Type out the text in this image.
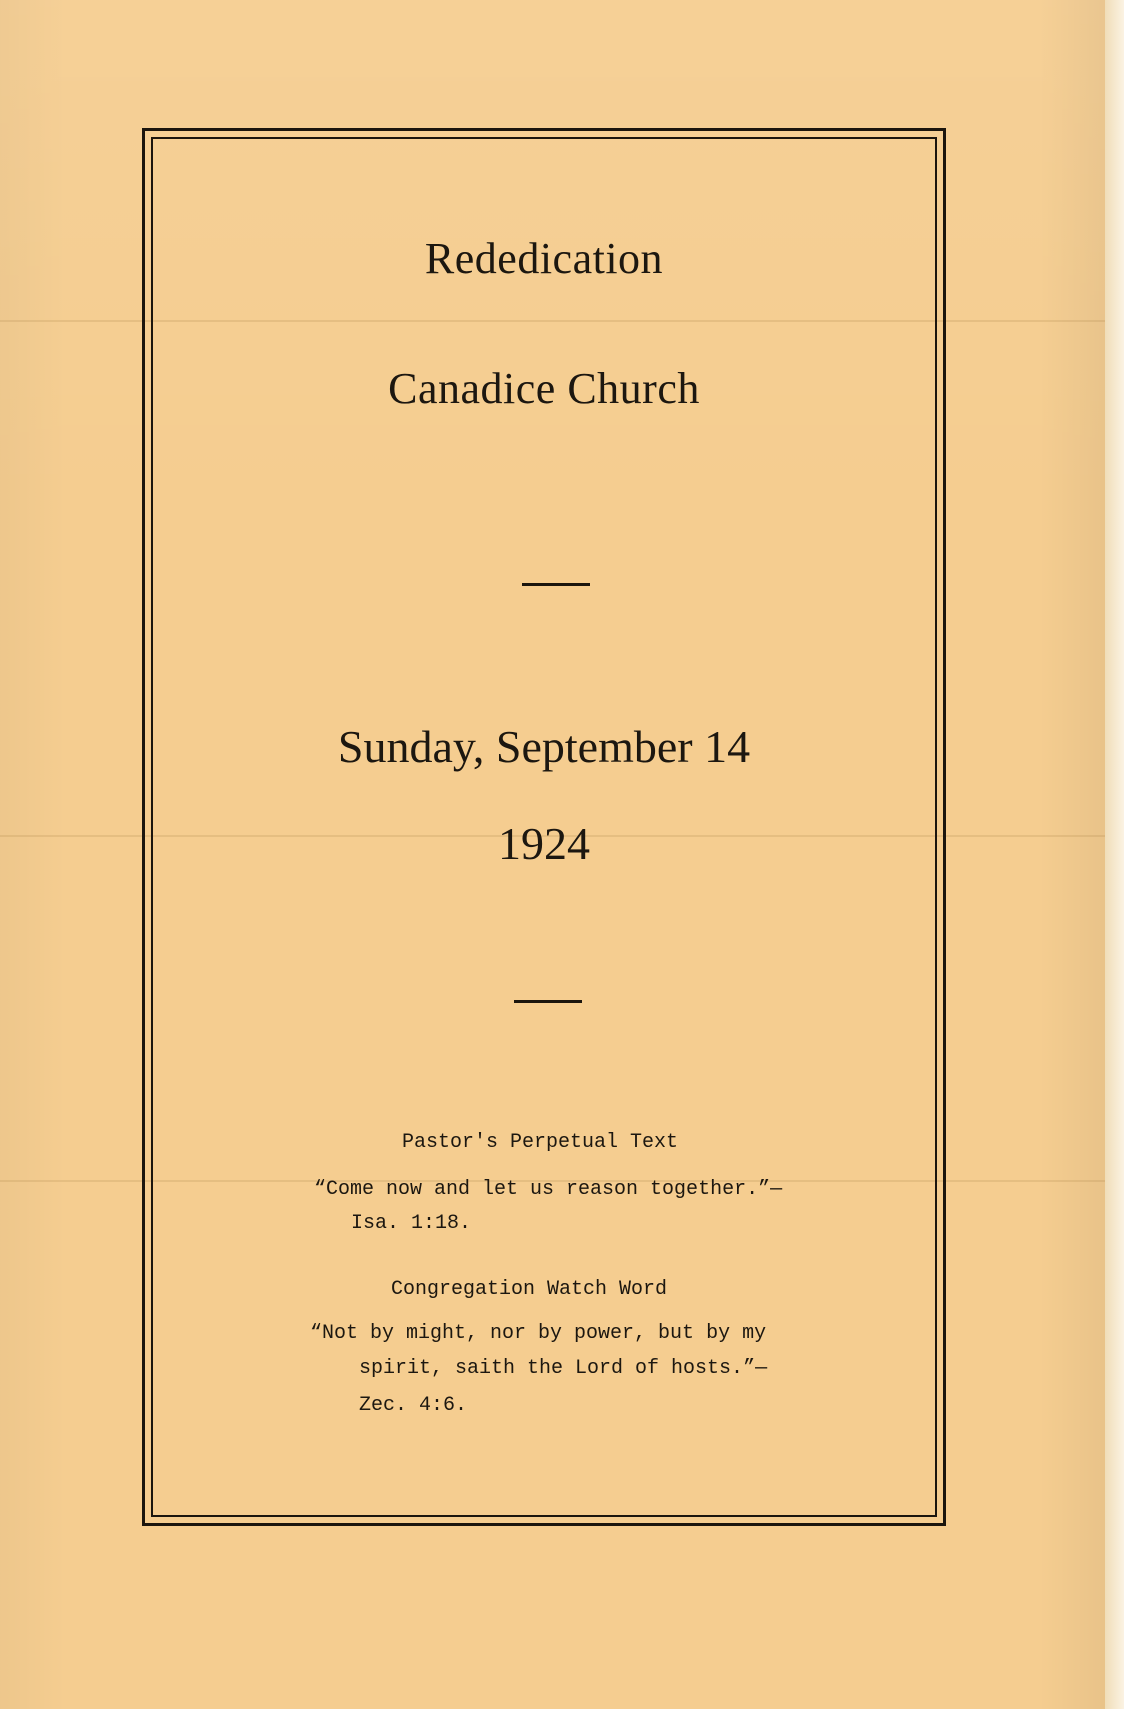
Rededication
Canadice Church
Sunday, September 14
1924
Pastor's Perpetual Text
“Come now and let us reason together.”—
Isa. 1:18.
Congregation Watch Word
“Not by might, nor by power, but by my
spirit, saith the Lord of hosts.”—
Zec. 4:6.
